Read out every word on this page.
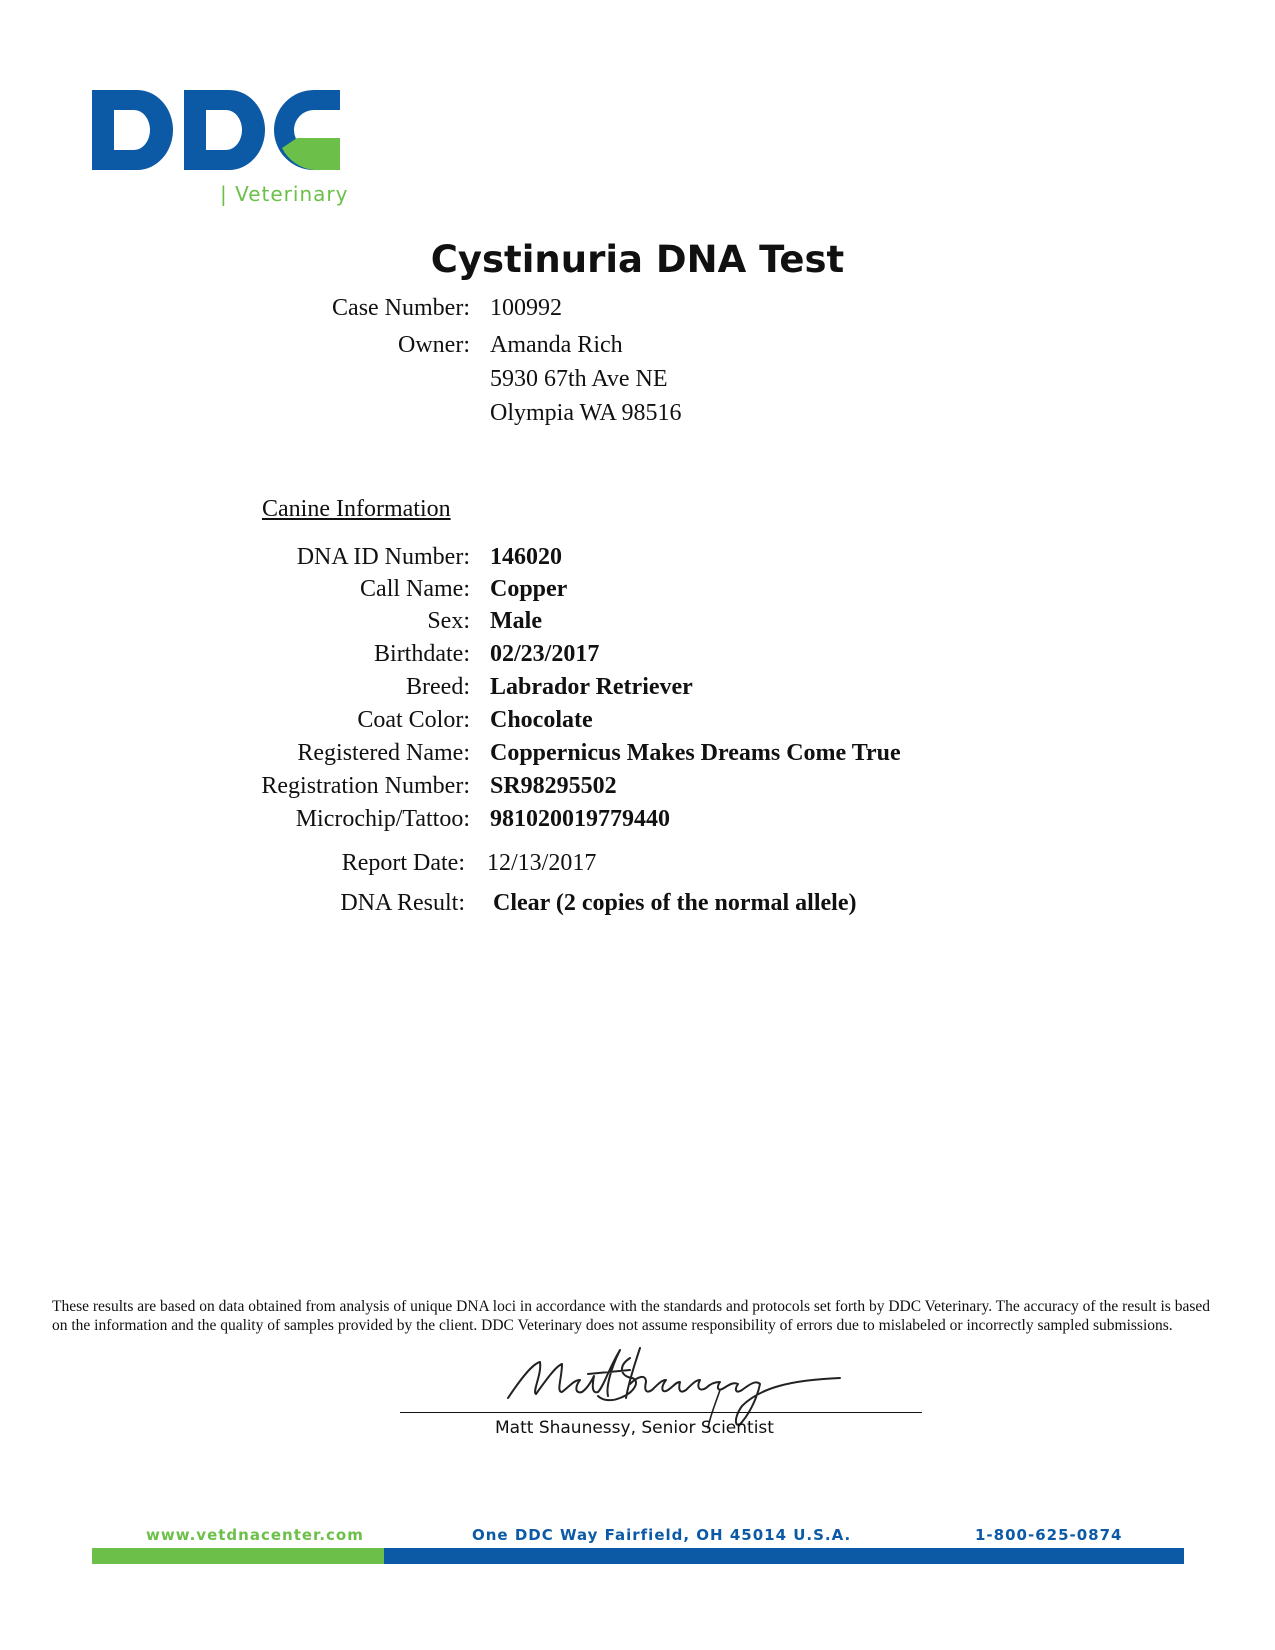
| Veterinary
Cystinuria DNA Test
Case Number: 100992
Owner: Amanda Rich
5930 67th Ave NE
Olympia WA 98516
Canine Information
DNA ID Number: 146020
Call Name: Copper
Sex: Male
Birthdate: 02/23/2017
Breed: Labrador Retriever
Coat Color: Chocolate
Registered Name: Coppernicus Makes Dreams Come True
Registration Number: SR98295502
Microchip/Tattoo: 981020019779440
Report Date: 12/13/2017
DNA Result: Clear (2 copies of the normal allele)
These results are based on data obtained from analysis of unique DNA loci in accordance with the standards and protocols set forth by DDC Veterinary. The accuracy of the result is based on the information and the quality of samples provided by the client. DDC Veterinary does not assume responsibility of errors due to mislabeled or incorrectly sampled submissions.
Matt Shaunessy, Senior Scientist
www.vetdnacenter.com	One DDC Way Fairfield, OH 45014 U.S.A.	1-800-625-0874
